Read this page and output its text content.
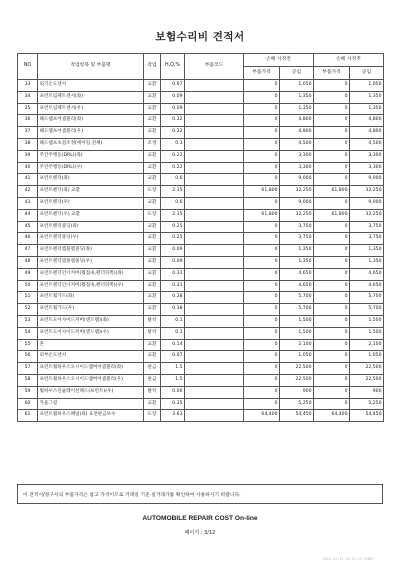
보험수리비 견적서
NO	작업항목 및 부품명	작업	H,Q,%	부품코드	손해 사정전		손해 사정후	
					부품가격	공임	부품가격	공임
33	외기온도센서	교환	0.07		0	1,050	0	1,050
34	프런트임팩트센서(좌)	교환	0.09		0	1,350	0	1,350
35	프런트임팩트센서(우)	교환	0.09		0	1,350	0	1,350
36	헤드램프어셈블리(좌)	교환	0.32		0	4,800	0	4,800
37	헤드램프어셈블리(우)	교환	0.32		0	4,800	0	4,800
38	헤드램프초점조정(에이밍,전체)	조정	0.3		0	4,500	0	4,500
39	주간주행등(DRL)(좌)	교환	0.22		0	3,300	0	3,300
40	주간주행등(DRL)(우)	교환	0.22		0	3,300	0	3,300
41	프런트펜더(좌)	교환	0.6		0	9,000	0	9,000
42	프런트펜더(좌) 교환	도장	2.15		61,800	32,250	61,800	32,250
43	프런트펜더(우)	교환	0.6		0	9,000	0	9,000
44	프런트펜더(우) 교환	도장	2.15		61,800	32,250	61,800	32,250
45	프런트펜더몰딩(좌)	교환	0.25		0	3,750	0	3,750
46	프런트펜더몰딩(우)	교환	0.25		0	3,750	0	3,750
47	프런트펜더엠블렘몰딩(좌)	교환	0.09		0	1,350	0	1,350
48	프런트펜더엠블렘몰딩(우)	교환	0.09		0	1,350	0	1,350
49	프런트펜더인너커버(휠접속,펜더뒤쪽)(좌)	교환	0.31		0	4,650	0	4,650
50	프런트펜더인너커버(휠접속,펜더뒤쪽)(우)	교환	0.31		0	4,650	0	4,650
51	프런트휠가드(좌)	교환	0.38		0	5,700	0	5,700
52	프런트휠가드(우)	교환	0.38		0	5,700	0	5,700
53	프런트도어사이드커버(앤드램)(좌)	탈착	0.1		0	1,500	0	1,500
54	프런트도어사이드커버(앤드램)(우)	탈착	0.1		0	1,500	0	1,500
55	혼	교환	0.14		0	2,100	0	2,100
56	외부온도센서	교환	0.07		0	1,050	0	1,050
57	프런트휠하우스오시이드앰버어셈블리(좌)	판금	1.5		0	22,500	0	22,500
58	프런트휠하우스오시이드앰버어셈블리(우)	판금	1.5		0	22,500	0	22,500
59	휠하우스인슐레이션패드(프런트)(우)	탈착	0.06		0	900	0	900
60	카울그릴	교환	0.35		0	5,250	0	5,250
61	프런트휠하우스패널(좌) 표면판금보수	도장	3.63		64,400	54,450	64,400	54,450
이 견적서/청구서의 부품가격은 참고 가격이므로 거래일 기준 실거래가를 확인하여 사용하시기 바랍니다.
AUTOMOBILE REPAIR COST On-line
페이지 : 3/12
2024-03-11 10:16:39 KSB07
